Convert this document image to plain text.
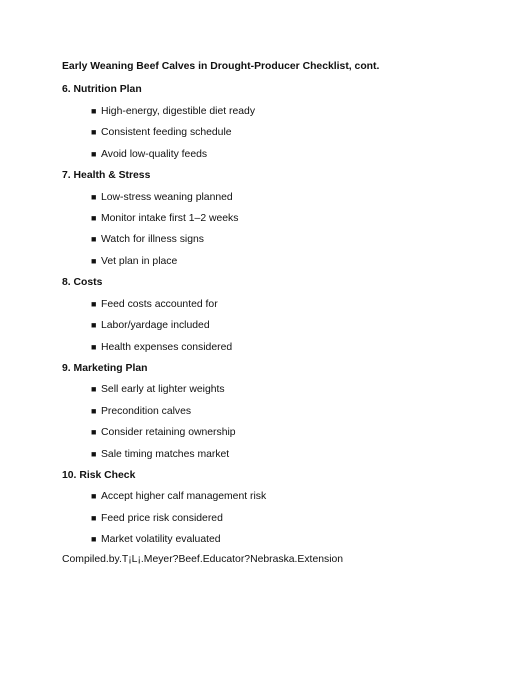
Early Weaning Beef Calves in Drought-Producer Checklist, cont.
6. Nutrition Plan
■ High-energy, digestible diet ready
■ Consistent feeding schedule
■ Avoid low-quality feeds
7. Health & Stress
■ Low-stress weaning planned
■ Monitor intake first 1–2 weeks
■ Watch for illness signs
■ Vet plan in place
8. Costs
■ Feed costs accounted for
■ Labor/yardage included
■ Health expenses considered
9. Marketing Plan
■ Sell early at lighter weights
■ Precondition calves
■ Consider retaining ownership
■ Sale timing matches market
10. Risk Check
■ Accept higher calf management risk
■ Feed price risk considered
■ Market volatility evaluated
Compiled.by.T¡L¡.Meyer?Beef.Educator?Nebraska.Extension
